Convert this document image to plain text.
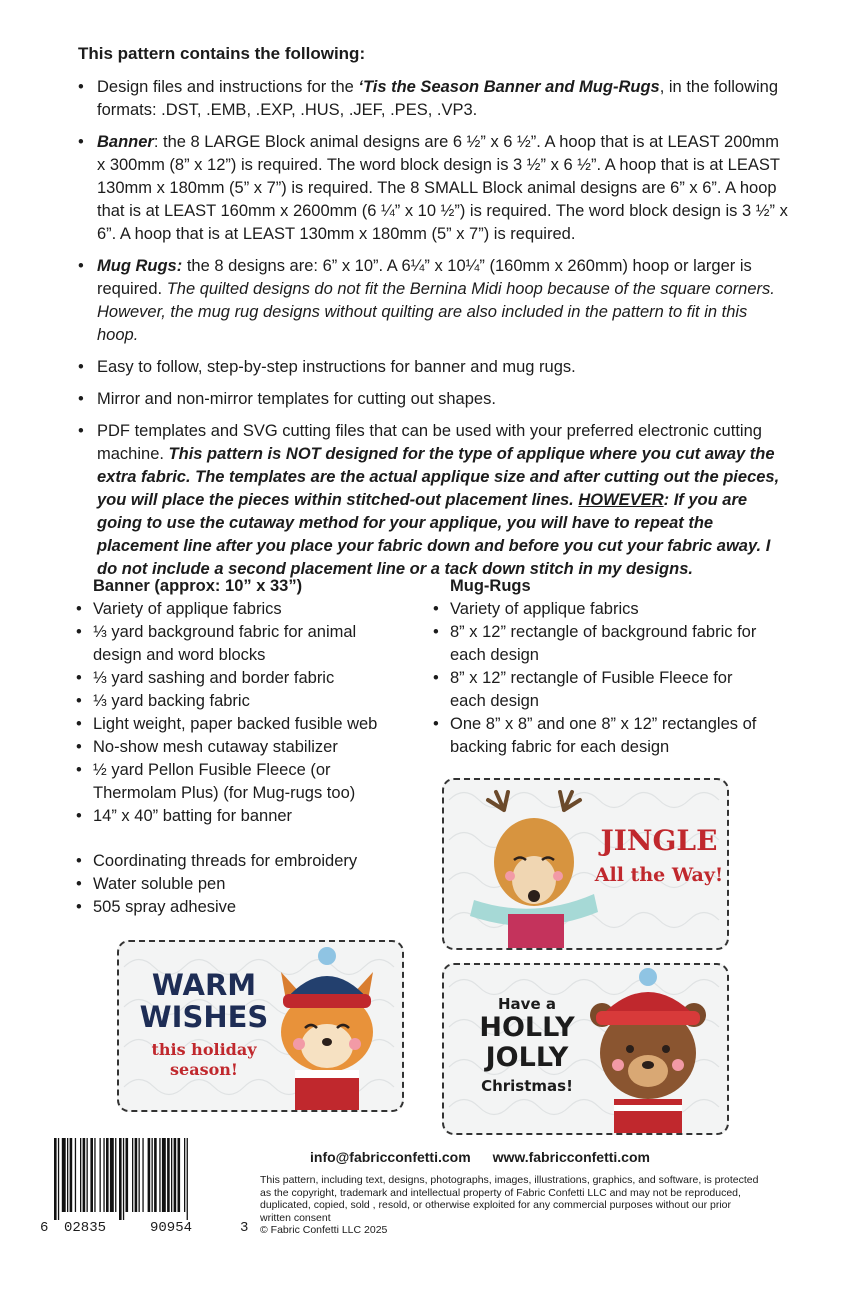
This pattern contains the following:
• Design files and instructions for the ‘Tis the Season Banner and Mug-Rugs, in the following formats: .DST, .EMB, .EXP, .HUS, .JEF, .PES, .VP3.
• Banner: the 8 LARGE Block animal designs are 6 ½” x 6 ½”. A hoop that is at LEAST 200mm x 300mm (8” x 12”) is required. The word block design is 3 ½” x 6 ½”. A hoop that is at LEAST 130mm x 180mm (5” x 7”) is required. The 8 SMALL Block animal designs are 6” x 6”. A hoop that is at LEAST 160mm x 2600mm (6 ¼” x 10 ½”) is required. The word block design is 3 ½” x 6”. A hoop that is at LEAST 130mm x 180mm (5” x 7”) is required.
• Mug Rugs: the 8 designs are: 6” x 10”. A 6¼” x 10¼” (160mm x 260mm) hoop or larger is required. The quilted designs do not fit the Bernina Midi hoop because of the square corners. However, the mug rug designs without quilting are also included in the pattern to fit in this hoop.
• Easy to follow, step-by-step instructions for banner and mug rugs.
• Mirror and non-mirror templates for cutting out shapes.
• PDF templates and SVG cutting files that can be used with your preferred electronic cutting machine. This pattern is NOT designed for the type of applique where you cut away the extra fabric. The templates are the actual applique size and after cutting out the pieces, you will place the pieces within stitched-out placement lines. HOWEVER: If you are going to use the cutaway method for your applique, you will have to repeat the placement line after you place your fabric down and before you cut your fabric away. I do not include a second placement line or a tack down stitch in my designs.
Banner (approx: 10” x 33”)
• Variety of applique fabrics
• ⅓ yard background fabric for animal design and word blocks
• ⅓ yard sashing and border fabric
• ⅓ yard backing fabric
• Light weight, paper backed fusible web
• No-show mesh cutaway stabilizer
• ½ yard Pellon Fusible Fleece (or Thermolam Plus) (for Mug-rugs too)
• 14” x 40” batting for banner
• Coordinating threads for embroidery
• Water soluble pen
• 505 spray adhesive
Mug-Rugs
• Variety of applique fabrics
• 8” x 12” rectangle of background fabric for each design
• 8” x 12” rectangle of Fusible Fleece for each design
• One 8” x 8” and one 8” x 12” rectangles of backing fabric for each design
JINGLE
All the Way!
WARM
WISHES
this holiday
season!
Have a
HOLLY
JOLLY
Christmas!
6 02835	90954	3
info@fabricconfetti.com www.fabricconfetti.com
This pattern, including text, designs, photographs, images, illustrations, graphics, and software, is protected as the copyright, trademark and intellectual property of Fabric Confetti LLC and may not be reproduced, duplicated, copied, sold , resold, or otherwise exploited for any commercial purposes without our prior written consent
© Fabric Confetti LLC 2025
